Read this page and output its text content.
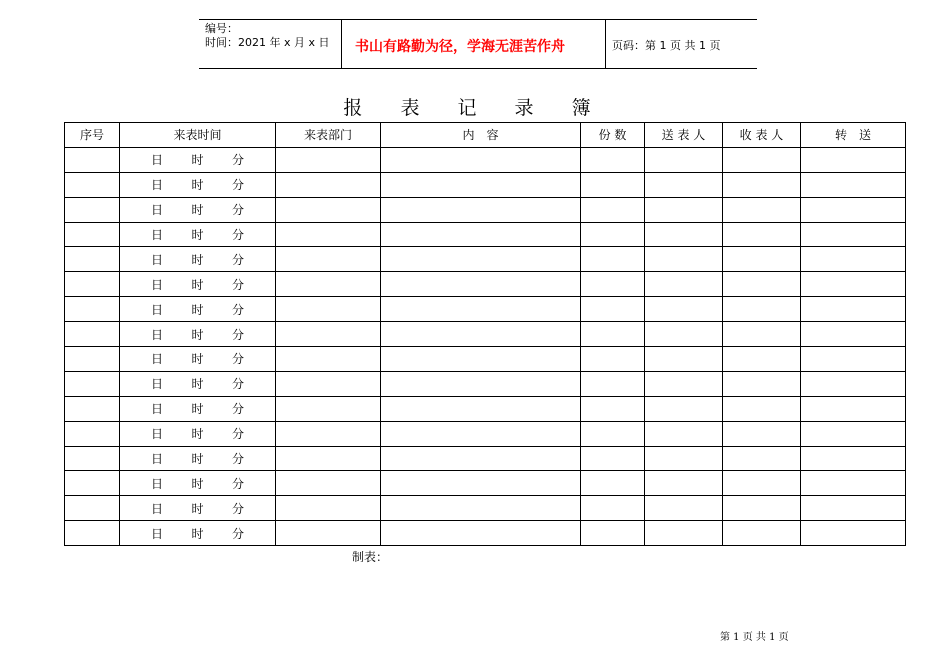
编号：
时间：2021 年 x 月 x 日 书山有路勤为径，学海无涯苦作舟	页码：第 1 页 共 1 页
报 表 记 录 簿
序号	来表时间	来表部门	内　容	份 数	送 表 人	收 表 人	转　送

	日 时 分						

	日 时 分						

	日 时 分						

	日 时 分						

	日 时 分						

	日 时 分						

	日 时 分						

	日 时 分						

	日 时 分						

	日 时 分						

	日 时 分						

	日 时 分						

	日 时 分						

	日 时 分						

	日 时 分						

	日 时 分						

制表：
第 1 页 共 1 页
